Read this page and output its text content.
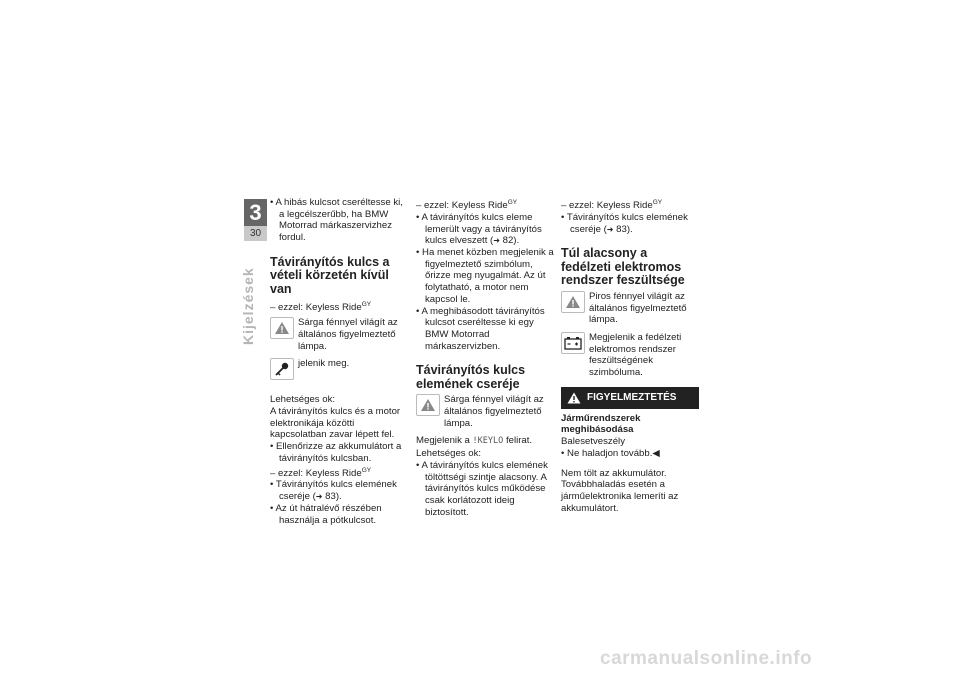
3
30
Kijelzések

• A hibás kulcsot cseréltesse ki, a legcélszerűbb, ha BMW Motorrad márkaszervizhez fordul.

Távirányítós kulcs a vételi körzetén kívül van

– ezzel: Keyless Ride$^{GY}$

Sárga fénnyel világít az általános figyelmeztető lámpa.
jelenik meg.

Lehetséges ok:

A távirányítós kulcs és a motor elektronikája közötti kapcsolatban zavar lépett fel.

• Ellenőrizze az akkumulátort a távirányítós kulcsban.

– ezzel: Keyless Ride$^{GY}$

• Távirányítós kulcs elemének cseréje (➜ 83).

• Az út hátralévő részében használja a pótkulcsot.

– ezzel: Keyless Ride$^{GY}$

• A távirányítós kulcs eleme lemerült vagy a távirányítós kulcs elveszett (➜ 82).

• Ha menet közben megjelenik a figyelmeztető szimbólum, őrizze meg nyugalmát. Az út folytatható, a motor nem kapcsol le.

• A meghibásodott távirányítós kulcsot cseréltesse ki egy BMW Motorrad márkaszervizben.

Távirányítós kulcs elemének cseréje
Sárga fénnyel világít az általános figyelmeztető lámpa.

Megjelenik a !KEYLO felirat.

Lehetséges ok:

• A távirányítós kulcs elemének töltöttségi szintje alacsony. A távirányítós kulcs működése csak korlátozott ideig biztosított.

– ezzel: Keyless Ride$^{GY}$

• Távirányítós kulcs elemének cseréje (➜ 83).

Túl alacsony a fedélzeti elektromos rendszer feszültsége
Piros fénnyel világít az általános figyelmeztető lámpa.
Megjelenik a fedélzeti elektromos rendszer feszültségének szimbóluma.
FIGYELMEZTETÉS

Járműrendszerek meghibásodása

Balesetveszély

• Ne haladjon tovább.◀

Nem tölt az akkumulátor. Továbbhaladás esetén a járműelektronika lemeríti az akkumulátort.

carmanualsonline.info
